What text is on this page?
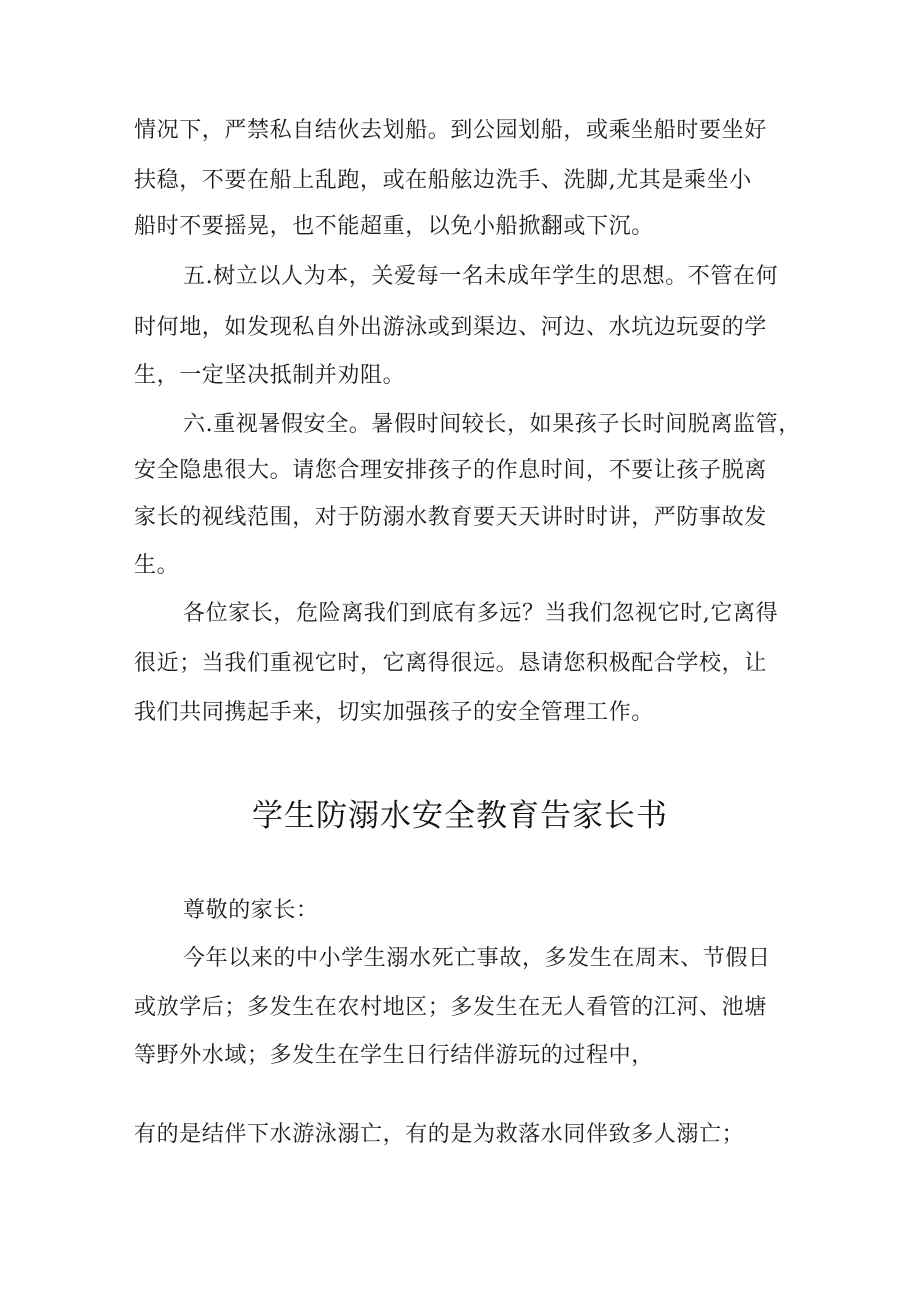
情况下，严禁私自结伙去划船。到公园划船，或乘坐船时要坐好
扶稳，不要在船上乱跑，或在船舷边洗手、洗脚,尤其是乘坐小
船时不要摇晃，也不能超重，以免小船掀翻或下沉。
五.树立以人为本，关爱每一名未成年学生的思想。不管在何
时何地，如发现私自外出游泳或到渠边、河边、水坑边玩耍的学
生，一定坚决抵制并劝阻。
六.重视暑假安全。暑假时间较长，如果孩子长时间脱离监管，
安全隐患很大。请您合理安排孩子的作息时间，不要让孩子脱离
家长的视线范围，对于防溺水教育要天天讲时时讲，严防事故发
生。
各位家长，危险离我们到底有多远？当我们忽视它时,它离得
很近；当我们重视它时，它离得很远。恳请您积极配合学校，让
我们共同携起手来，切实加强孩子的安全管理工作。
学生防溺水安全教育告家长书
尊敬的家长：
今年以来的中小学生溺水死亡事故，多发生在周末、节假日
或放学后；多发生在农村地区；多发生在无人看管的江河、池塘
等野外水域；多发生在学生日行结伴游玩的过程中，
有的是结伴下水游泳溺亡，有的是为救落水同伴致多人溺亡；
